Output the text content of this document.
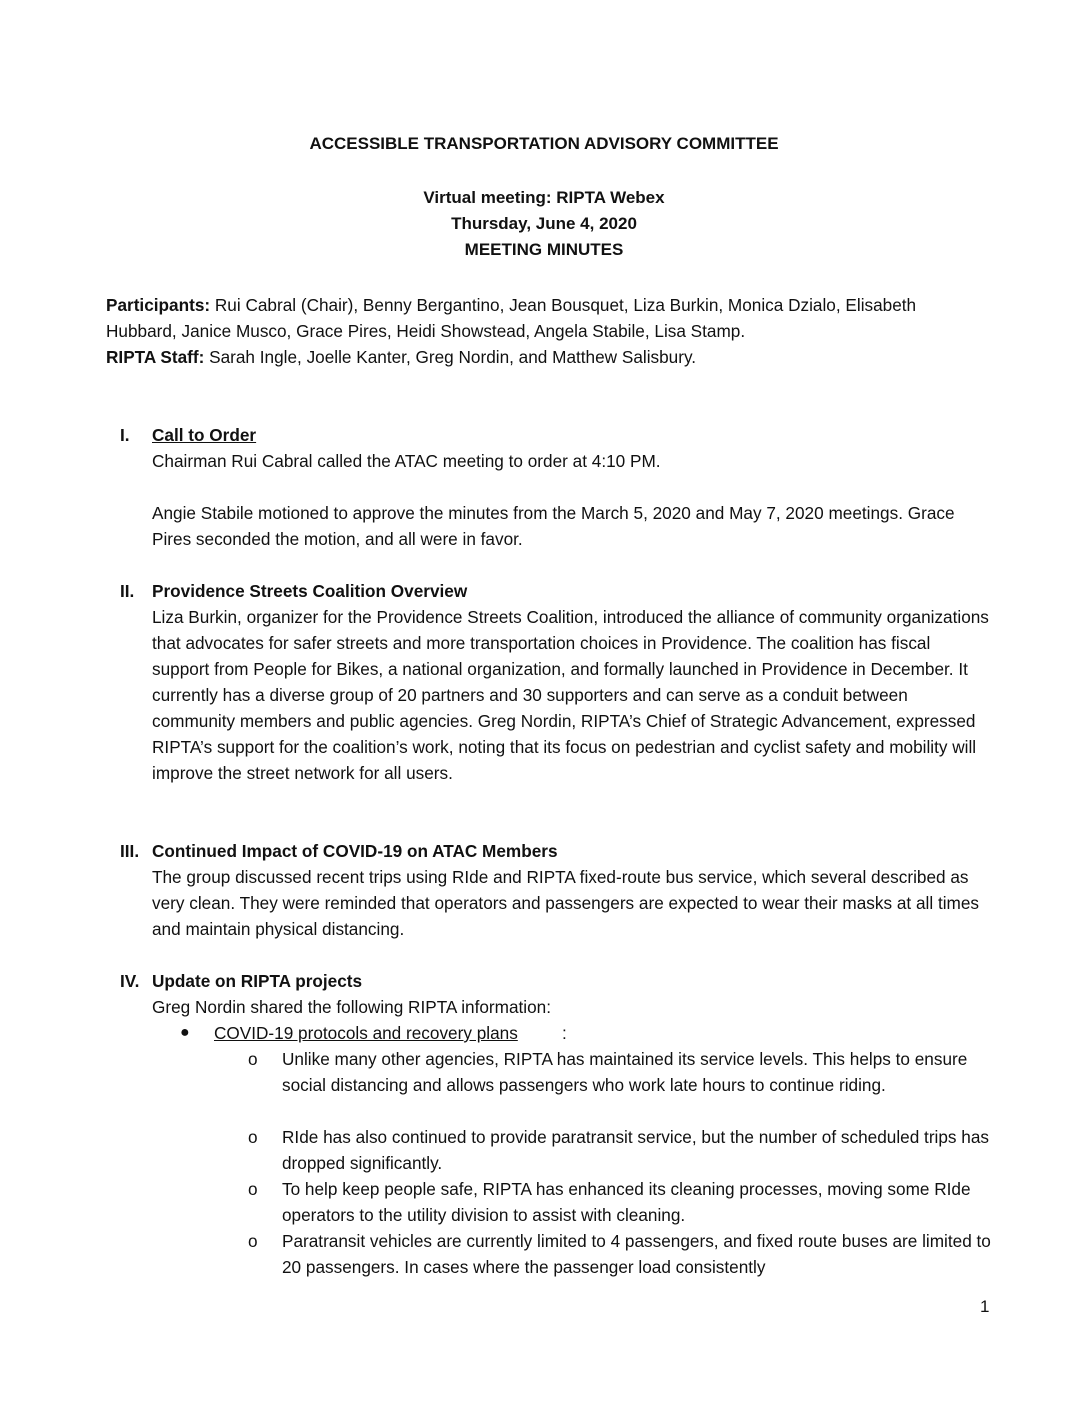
ACCESSIBLE TRANSPORTATION ADVISORY COMMITTEE
Virtual meeting: RIPTA Webex
Thursday, June 4, 2020
MEETING MINUTES
Participants: Rui Cabral (Chair), Benny Bergantino, Jean Bousquet, Liza Burkin, Monica Dzialo, Elisabeth Hubbard, Janice Musco, Grace Pires, Heidi Showstead, Angela Stabile, Lisa Stamp.
RIPTA Staff: Sarah Ingle, Joelle Kanter, Greg Nordin, and Matthew Salisbury.
I. Call to Order
Chairman Rui Cabral called the ATAC meeting to order at 4:10 PM.
Angie Stabile motioned to approve the minutes from the March 5, 2020 and May 7, 2020 meetings. Grace Pires seconded the motion, and all were in favor.
II. Providence Streets Coalition Overview
Liza Burkin, organizer for the Providence Streets Coalition, introduced the alliance of community organizations that advocates for safer streets and more transportation choices in Providence. The coalition has fiscal support from People for Bikes, a national organization, and formally launched in Providence in December. It currently has a diverse group of 20 partners and 30 supporters and can serve as a conduit between community members and public agencies. Greg Nordin, RIPTA’s Chief of Strategic Advancement, expressed RIPTA’s support for the coalition’s work, noting that its focus on pedestrian and cyclist safety and mobility will improve the street network for all users.
III. Continued Impact of COVID-19 on ATAC Members
The group discussed recent trips using RIde and RIPTA fixed-route bus service, which several described as very clean. They were reminded that operators and passengers are expected to wear their masks at all times and maintain physical distancing.
IV. Update on RIPTA projects
Greg Nordin shared the following RIPTA information:
● COVID-19 protocols and recovery plans	:
o Unlike many other agencies, RIPTA has maintained its service levels. This helps to ensure social distancing and allows passengers who work late hours to continue riding.
o RIde has also continued to provide paratransit service, but the number of scheduled trips has dropped significantly.
o To help keep people safe, RIPTA has enhanced its cleaning processes, moving some RIde operators to the utility division to assist with cleaning.
o Paratransit vehicles are currently limited to 4 passengers, and fixed route buses are limited to 20 passengers. In cases where the passenger load consistently
1
